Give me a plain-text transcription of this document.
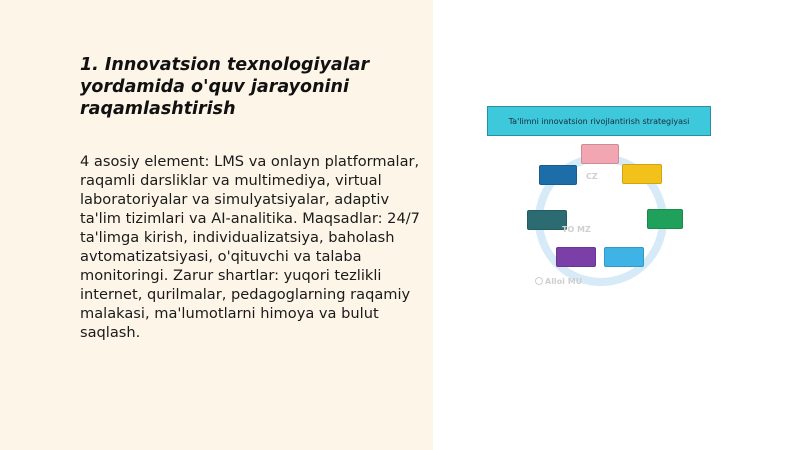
1. Innovatsion texnologiyalar yordamida o'quv jarayonini raqamlashtirish

4 asosiy element: LMS va onlayn platformalar, raqamli darsliklar va multimediya, virtual laboratoriyalar va simulyatsiyalar, adaptiv ta'lim tizimlari va AI-analitika. Maqsadlar: 24/7 ta'limga kirish, individualizatsiya, baholash avtomatizatsiyasi, o'qituvchi va talaba monitoringi. Zarur shartlar: yuqori tezlikli internet, qurilmalar, pedagoglarning raqamiy malakasi, ma'lumotlarni himoya va bulut saqlash.

Ta'limni innovatsion rivojlantirish strategiyasi
CZ
TO MZ
Alloi MU
